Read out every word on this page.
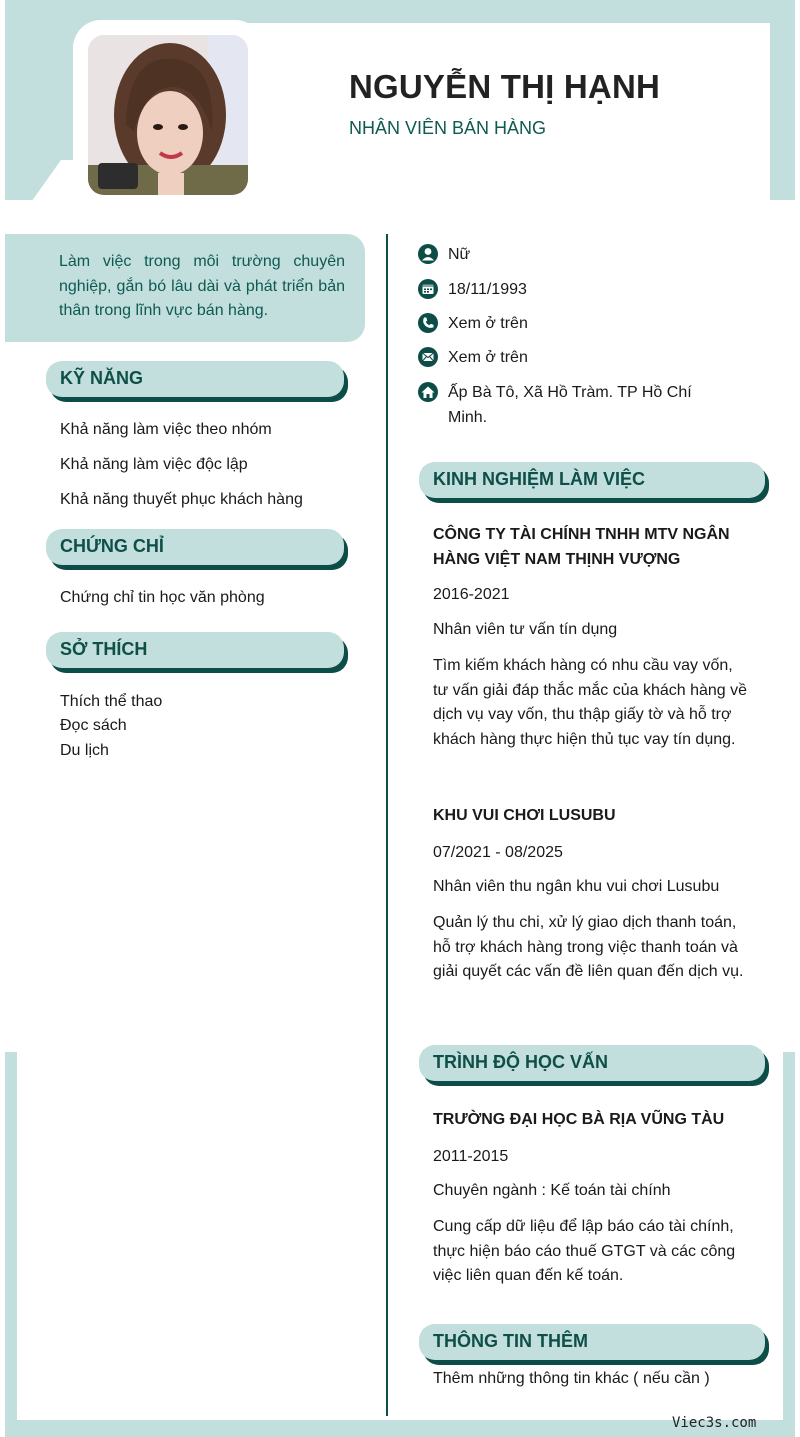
NGUYỄN THỊ HẠNH
NHÂN VIÊN BÁN HÀNG
Làm việc trong môi trường chuyên nghiệp, gắn bó lâu dài và phát triển bản thân trong lĩnh vực bán hàng.
KỸ NĂNG
Khả năng làm việc theo nhóm
Khả năng làm việc độc lập
Khả năng thuyết phục khách hàng
CHỨNG CHỈ
Chứng chỉ tin học văn phòng
SỞ THÍCH
Thích thể thao
Đọc sách
Du lịch
Nữ
18/11/1993
Xem ở trên
Xem ở trên
Ấp Bà Tô, Xã Hồ Tràm. TP Hồ Chí Minh.
KINH NGHIỆM LÀM VIỆC
CÔNG TY TÀI CHÍNH TNHH MTV NGÂN HÀNG VIỆT NAM THỊNH VƯỢNG
2016-2021
Nhân viên tư vấn tín dụng
Tìm kiếm khách hàng có nhu cầu vay vốn, tư vấn giải đáp thắc mắc của khách hàng về dịch vụ vay vốn, thu thập giấy tờ và hỗ trợ khách hàng thực hiện thủ tục vay tín dụng.
KHU VUI CHƠI LUSUBU
07/2021 - 08/2025
Nhân viên thu ngân khu vui chơi Lusubu
Quản lý thu chi, xử lý giao dịch thanh toán, hỗ trợ khách hàng trong việc thanh toán và giải quyết các vấn đề liên quan đến dịch vụ.
TRÌNH ĐỘ HỌC VẤN
TRƯỜNG ĐẠI HỌC BÀ RỊA VŨNG TÀU
2011-2015
Chuyên ngành : Kế toán tài chính
Cung cấp dữ liệu để lập báo cáo tài chính, thực hiện báo cáo thuế GTGT và các công việc liên quan đến kế toán.
THÔNG TIN THÊM
Thêm những thông tin khác ( nếu cần )
Viec3s.com
